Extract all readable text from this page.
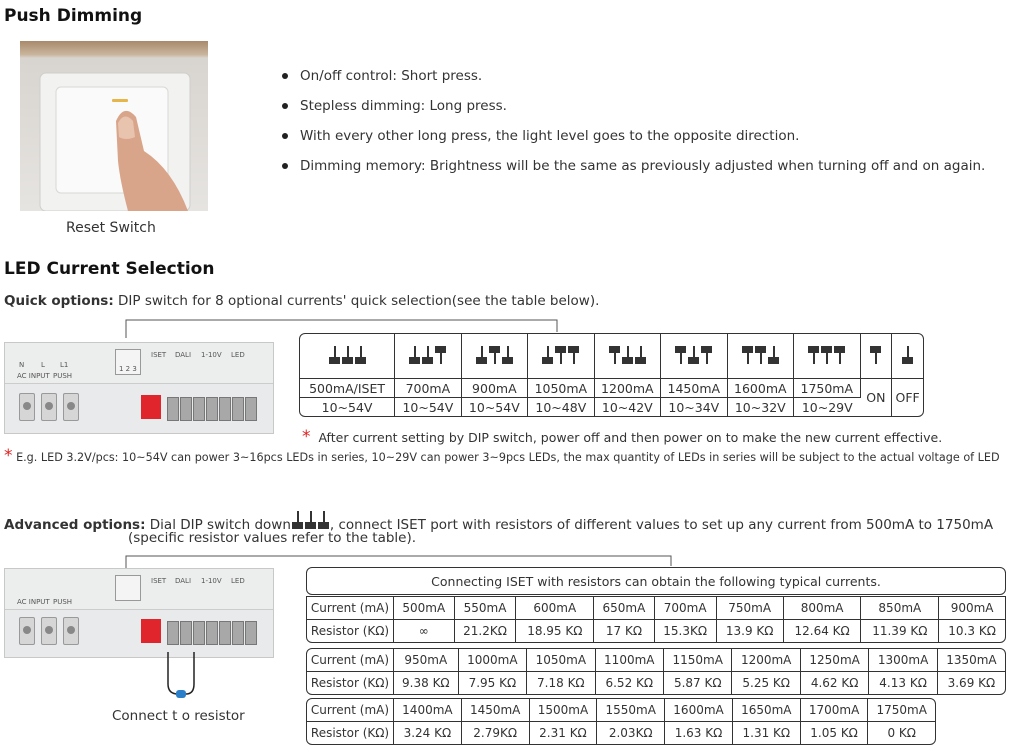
Push Dimming
Reset Switch
On/off control: Short press.
Stepless dimming: Long press.
With every other long press, the light level goes to the opposite direction.
Dimming memory: Brightness will be the same as previously adjusted when turning off and on again.
LED Current Selection
Quick options: DIP switch for 8 optional currents' quick selection(see the table below).
N L L1
AC INPUT PUSH
1 2 3
ISET DALI 1-10V LED

500mA/ISET	700mA	900mA	1050mA	1200mA	1450mA	1600mA	1750mA	ON	OFF
10~54V	10~54V	10~54V	10~48V	10~42V	10~34V	10~32V	10~29V		
* After current setting by DIP switch, power off and then power on to make the new current effective.
* E.g. LED 3.2V/pcs: 10~54V can power 3~16pcs LEDs in series, 10~29V can power 3~9pcs LEDs, the max quantity of LEDs in series will be subject to the actual voltage of LED
Advanced options: Dial DIP switch down	, connect ISET port with resistors of different values to set up any current from 500mA to 1750mA
(specific resistor values refer to the table).
AC INPUT PUSH
ISET DALI 1-10V LED
Connect t o resistor
Connecting ISET with resistors can obtain the following typical currents.
Current (mA)	500mA	550mA	600mA	650mA	700mA	750mA	800mA	850mA	900mA
Resistor (KΩ)	∞	21.2KΩ	18.95 KΩ	17 KΩ	15.3KΩ	13.9 KΩ	12.64 KΩ	11.39 KΩ	10.3 KΩ
Current (mA)	950mA	1000mA	1050mA	1100mA	1150mA	1200mA	1250mA	1300mA	1350mA
Resistor (KΩ)	9.38 KΩ	7.95 KΩ	7.18 KΩ	6.52 KΩ	5.87 KΩ	5.25 KΩ	4.62 KΩ	4.13 KΩ	3.69 KΩ
Current (mA)	1400mA	1450mA	1500mA	1550mA	1600mA	1650mA	1700mA	1750mA
Resistor (KΩ)	3.24 KΩ	2.79KΩ	2.31 KΩ	2.03KΩ	1.63 KΩ	1.31 KΩ	1.05 KΩ	0 KΩ
